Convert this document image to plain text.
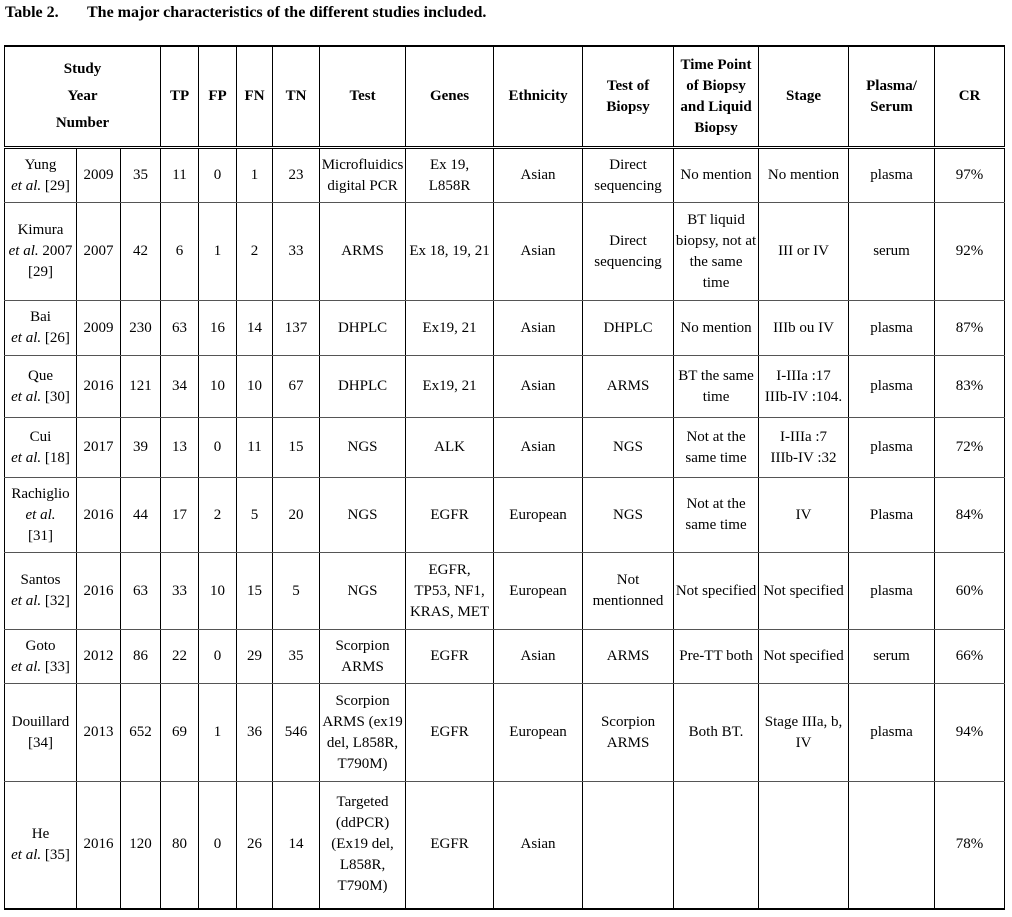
Table 2. The major characteristics of the different studies included.
Study
Year
Number			TP	FP	FN	TN	Test	Genes	Ethnicity	Test of
Biopsy	Time Point
of Biopsy
and Liquid
Biopsy	Stage	Plasma/
Serum	CR

Yung
et al. [29]	2009	35	11	0	1	23	Microfluidics
digital PCR	Ex 19,
L858R	Asian	Direct
sequencing	No mention	No mention	plasma	97%

Kimura
et al. 2007
[29]	2007	42	6	1	2	33	ARMS	Ex 18, 19, 21	Asian	Direct
sequencing	BT liquid
biopsy, not at
the same
time	III or IV	serum	92%

Bai
et al. [26]	2009	230	63	16	14	137	DHPLC	Ex19, 21	Asian	DHPLC	No mention	IIIb ou IV	plasma	87%

Que
et al. [30]	2016	121	34	10	10	67	DHPLC	Ex19, 21	Asian	ARMS	BT the same
time	I-IIIa :17
IIIb-IV :104.	plasma	83%

Cui
et al. [18]	2017	39	13	0	11	15	NGS	ALK	Asian	NGS	Not at the
same time	I-IIIa :7
IIIb-IV :32	plasma	72%

Rachiglio
et al.
[31]	2016	44	17	2	5	20	NGS	EGFR	European	NGS	Not at the
same time	IV	Plasma	84%

Santos
et al. [32]	2016	63	33	10	15	5	NGS	EGFR,
TP53, NF1,
KRAS, MET	European	Not
mentionned	Not specified	Not specified	plasma	60%

Goto
et al. [33]	2012	86	22	0	29	35	Scorpion
ARMS	EGFR	Asian	ARMS	Pre-TT both	Not specified	serum	66%

Douillard
[34]	2013	652	69	1	36	546	Scorpion
ARMS (ex19
del, L858R,
T790M)	EGFR	European	Scorpion
ARMS	Both BT.	Stage IIIa, b,
IV	plasma	94%

He
et al. [35]	2016	120	80	0	26	14	Targeted
(ddPCR)
(Ex19 del,
L858R,
T790M)	EGFR	Asian					78%
